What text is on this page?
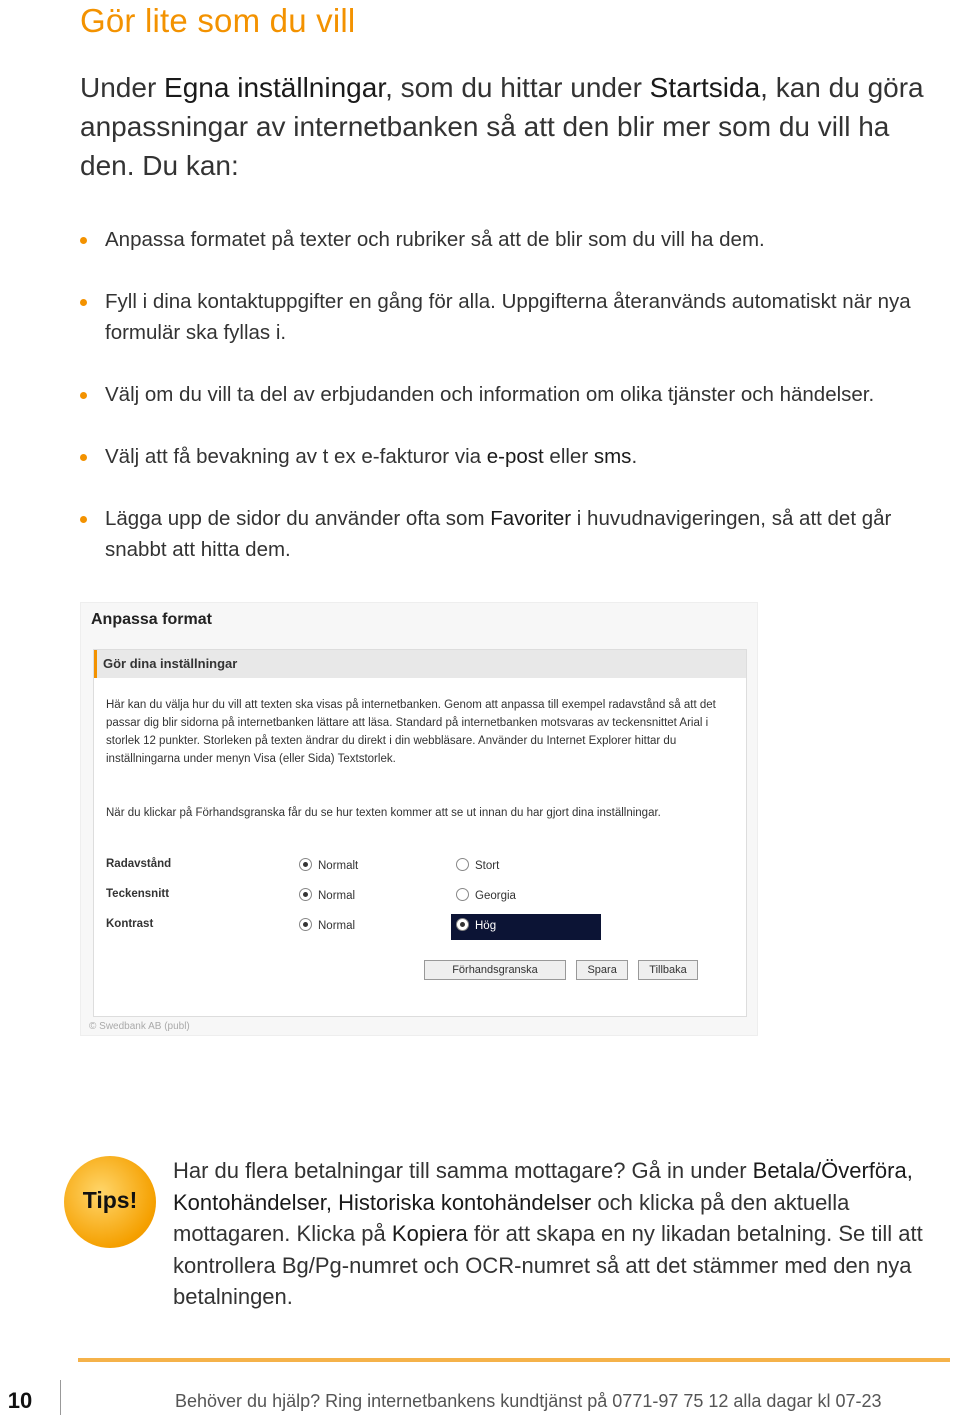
Gör lite som du vill

Under Egna inställningar, som du hittar under Startsida, kan du göra anpassningar av internetbanken så att den blir mer som du vill ha den. Du kan:

Anpassa formatet på texter och rubriker så att de blir som du vill ha dem.
Fyll i dina kontaktuppgifter en gång för alla. Uppgifterna återanvänds automatiskt när nya formulär ska fyllas i.
Välj om du vill ta del av erbjudanden och information om olika tjänster och händelser.
Välj att få bevakning av t ex e-fakturor via e-post eller sms.
Lägga upp de sidor du använder ofta som Favoriter i huvudnavigeringen, så att det går snabbt att hitta dem.
Anpassa format
Gör dina inställningar

Här kan du välja hur du vill att texten ska visas på internetbanken. Genom att anpassa till exempel radavstånd så att det passar dig blir sidorna på internetbanken lättare att läsa. Standard på internetbanken motsvaras av teckensnittet Arial i storlek 12 punkter. Storleken på texten ändrar du direkt i din webbläsare. Använder du Internet Explorer hittar du inställningarna under menyn Visa (eller Sida) Textstorlek.

När du klickar på Förhandsgranska får du se hur texten kommer att se ut innan du har gjort dina inställningar.

Radavstånd	Normalt	Stort
Teckensnitt	Normal	Georgia
Kontrast	Normal	Hög
Förhandsgranska	Spara	Tillbaka
© Swedbank AB (publ)
Tips!

Har du flera betalningar till samma mottagare? Gå in under Betala/Överföra, Kontohändelser, Historiska kontohändelser och klicka på den aktuella mottagaren. Klicka på Kopiera för att skapa en ny likadan betalning. Se till att kontrollera Bg/Pg-numret och OCR-numret så att det stämmer med den nya betalningen.

10	Behöver du hjälp? Ring internetbankens kundtjänst på 0771-97 75 12 alla dagar kl 07-23
